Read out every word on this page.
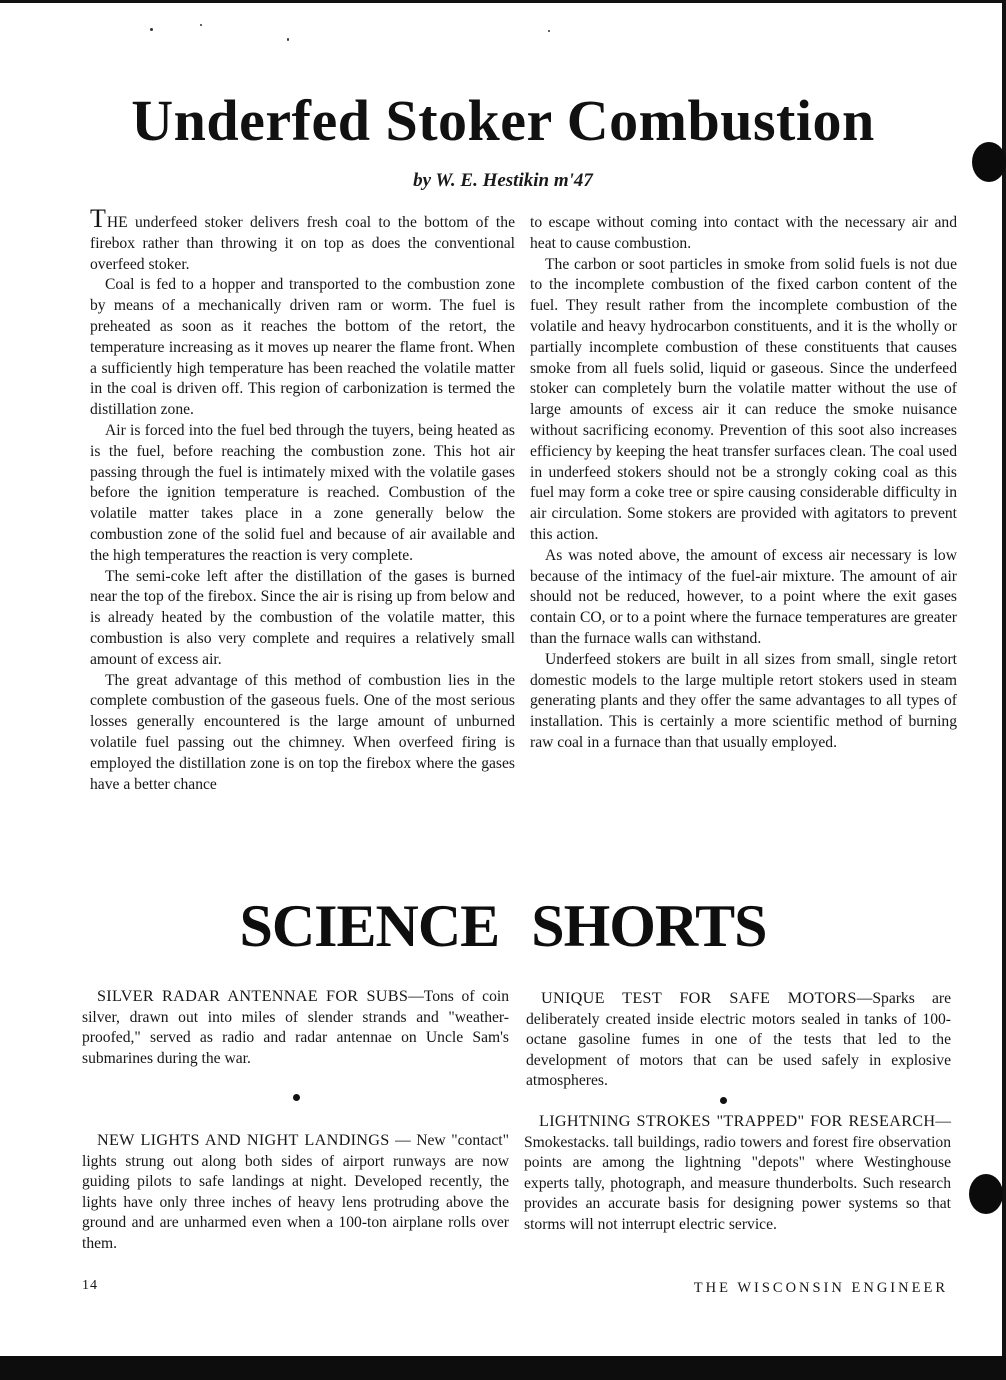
Underfed Stoker Combustion
by W. E. Hestikin m'47

THE underfeed stoker delivers fresh coal to the bottom of the firebox rather than throwing it on top as does the conventional overfeed stoker.

Coal is fed to a hopper and transported to the combustion zone by means of a mechanically driven ram or worm. The fuel is preheated as soon as it reaches the bottom of the retort, the temperature increasing as it moves up nearer the flame front. When a sufficiently high temperature has been reached the volatile matter in the coal is driven off. This region of carbonization is termed the distillation zone.

Air is forced into the fuel bed through the tuyers, being heated as is the fuel, before reaching the combustion zone. This hot air passing through the fuel is intimately mixed with the volatile gases before the ignition temperature is reached. Combustion of the volatile matter takes place in a zone generally below the combustion zone of the solid fuel and because of air available and the high temperatures the reaction is very complete.

The semi-coke left after the distillation of the gases is burned near the top of the firebox. Since the air is rising up from below and is already heated by the combustion of the volatile matter, this combustion is also very complete and requires a relatively small amount of excess air.

The great advantage of this method of combustion lies in the complete combustion of the gaseous fuels. One of the most serious losses generally encountered is the large amount of unburned volatile fuel passing out the chimney. When overfeed firing is employed the distillation zone is on top the firebox where the gases have a better chance

to escape without coming into contact with the necessary air and heat to cause combustion.

The carbon or soot particles in smoke from solid fuels is not due to the incomplete combustion of the fixed carbon content of the fuel. They result rather from the incomplete combustion of the volatile and heavy hydrocarbon constituents, and it is the wholly or partially incomplete combustion of these constituents that causes smoke from all fuels solid, liquid or gaseous. Since the underfeed stoker can completely burn the volatile matter without the use of large amounts of excess air it can reduce the smoke nuisance without sacrificing economy. Prevention of this soot also increases efficiency by keeping the heat transfer surfaces clean. The coal used in underfeed stokers should not be a strongly coking coal as this fuel may form a coke tree or spire causing considerable difficulty in air circulation. Some stokers are provided with agitators to prevent this action.

As was noted above, the amount of excess air necessary is low because of the intimacy of the fuel-air mixture. The amount of air should not be reduced, however, to a point where the exit gases contain CO, or to a point where the furnace temperatures are greater than the furnace walls can withstand.

Underfeed stokers are built in all sizes from small, single retort domestic models to the large multiple retort stokers used in steam generating plants and they offer the same advantages to all types of installation. This is certainly a more scientific method of burning raw coal in a furnace than that usually employed.

SCIENCE SHORTS

SILVER RADAR ANTENNAE FOR SUBS—Tons of coin silver, drawn out into miles of slender strands and "weather-proofed," served as radio and radar antennae on Uncle Sam's submarines during the war.

UNIQUE TEST FOR SAFE MOTORS—Sparks are deliberately created inside electric motors sealed in tanks of 100-octane gasoline fumes in one of the tests that led to the development of motors that can be used safely in explosive atmospheres.

NEW LIGHTS AND NIGHT LANDINGS — New "contact" lights strung out along both sides of airport runways are now guiding pilots to safe landings at night. Developed recently, the lights have only three inches of heavy lens protruding above the ground and are unharmed even when a 100-ton airplane rolls over them.

LIGHTNING STROKES "TRAPPED" FOR RESEARCH—Smokestacks. tall buildings, radio towers and forest fire observation points are among the lightning "depots" where Westinghouse experts tally, photograph, and measure thunderbolts. Such research provides an accurate basis for designing power systems so that storms will not interrupt electric service.

14	THE WISCONSIN ENGINEER
